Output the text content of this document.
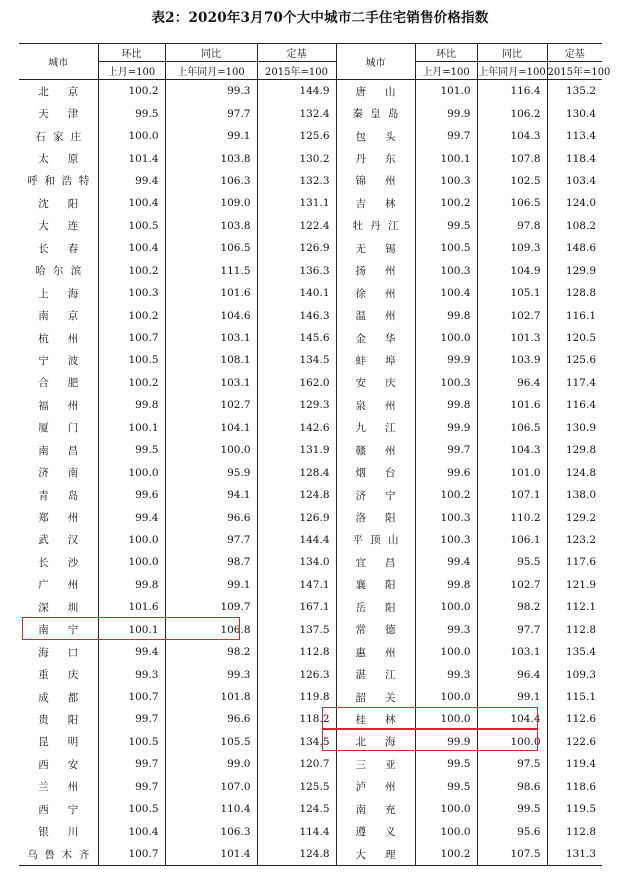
表2：2020年3月70个大中城市二手住宅销售价格指数
城市	环比	同比	定基	城市	环比	同比	定基
	上月=100	上年同月=100	2015年=100		上月=100	上年同月=100	2015年=100
北京	100.2	99.3	144.9	唐山	101.0	116.4	135.2
天津	99.5	97.7	132.4	秦皇岛	99.9	106.2	130.4
石家庄	100.0	99.1	125.6	包头	99.7	104.3	113.4
太原	101.4	103.8	130.2	丹东	100.1	107.8	118.4
呼和浩特	99.4	106.3	132.3	锦州	100.3	102.5	103.4
沈阳	100.4	109.0	131.1	吉林	100.2	106.5	124.0
大连	100.5	103.8	122.4	牡丹江	99.5	97.8	108.2
长春	100.4	106.5	126.9	无锡	100.5	109.3	148.6
哈尔滨	100.2	111.5	136.3	扬州	100.3	104.9	129.9
上海	100.3	101.6	140.1	徐州	100.4	105.1	128.8
南京	100.2	104.6	146.3	温州	99.8	102.7	116.1
杭州	100.7	103.1	145.6	金华	100.0	101.3	120.5
宁波	100.5	108.1	134.5	蚌埠	99.9	103.9	125.6
合肥	100.2	103.1	162.0	安庆	100.3	96.4	117.4
福州	99.8	102.7	129.3	泉州	99.8	101.6	116.4
厦门	100.1	104.1	142.6	九江	99.9	106.5	130.9
南昌	99.5	100.0	131.9	赣州	99.7	104.3	129.8
济南	100.0	95.9	128.4	烟台	99.6	101.0	124.8
青岛	99.6	94.1	124.8	济宁	100.2	107.1	138.0
郑州	99.4	96.6	126.9	洛阳	100.3	110.2	129.2
武汉	100.0	97.7	144.4	平顶山	100.3	106.1	123.2
长沙	100.0	98.7	134.0	宜昌	99.4	95.5	117.6
广州	99.8	99.1	147.1	襄阳	99.8	102.7	121.9
深圳	101.6	109.7	167.1	岳阳	100.0	98.2	112.1
南宁	100.1	106.8	137.5	常德	99.3	97.7	112.8
海口	99.4	98.2	112.8	惠州	100.0	103.1	135.4
重庆	99.3	99.3	126.3	湛江	99.3	96.4	109.3
成都	100.7	101.8	119.8	韶关	100.0	99.1	115.1
贵阳	99.7	96.6	118.2	桂林	100.0	104.4	112.6
昆明	100.5	105.5	134.5	北海	99.9	100.0	122.6
西安	99.7	99.0	120.7	三亚	99.5	97.5	119.4
兰州	99.7	107.0	125.5	泸州	99.5	98.6	118.6
西宁	100.5	110.4	124.5	南充	100.0	99.5	119.5
银川	100.4	106.3	114.4	遵义	100.0	95.6	112.8
乌鲁木齐	100.7	101.4	124.8	大理	100.2	107.5	131.3
